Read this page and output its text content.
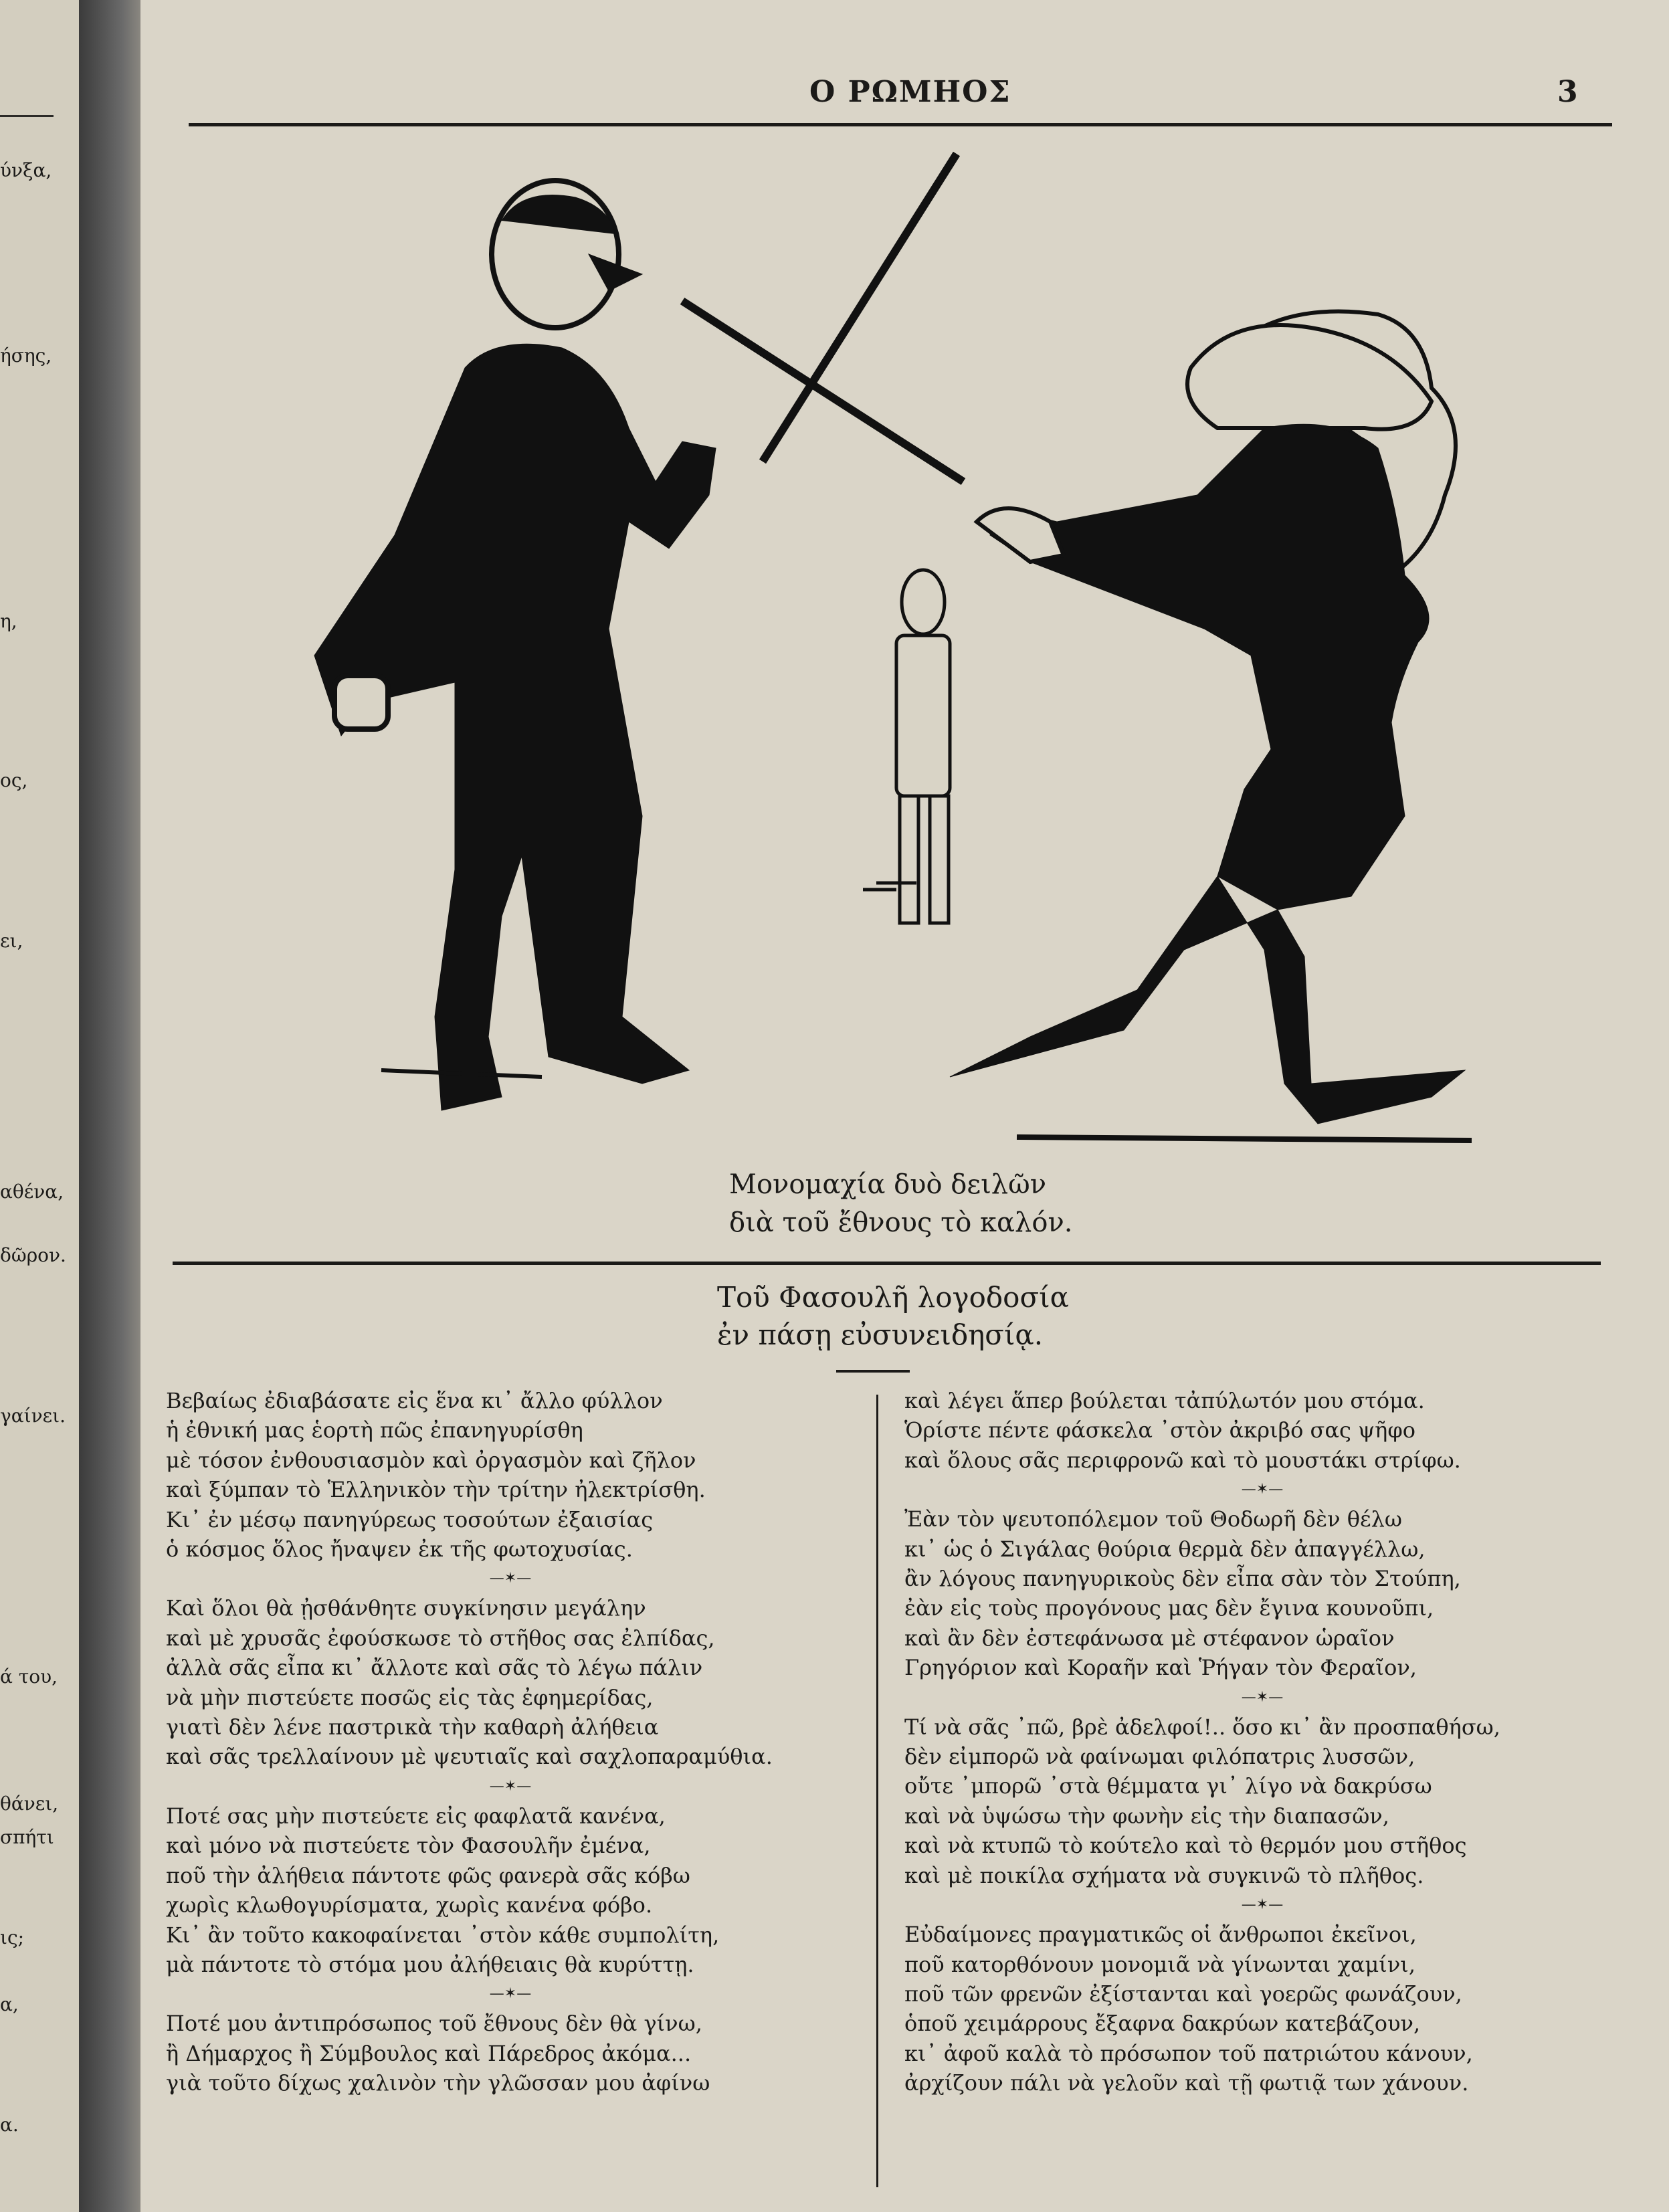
ύνξα,
ήσης,
η,
ος,
ει,
αθένα,
δῶρον.
γαίνει.
ά του,
θάνει,
σπήτι
ις;
α,
α.
Ο ΡΩΜΗΟΣ	3
Μονομαχία δυὸ δειλῶν
διὰ τοῦ ἔθνους τὸ καλόν.
Τοῦ Φασουλῆ λογοδοσία
ἐν πάσῃ εὐσυνειδησίᾳ.

Βεβαίως ἐδιαβάσατε εἰς ἕνα κι᾽ ἄλλο φύλλον

ἡ ἐθνική μας ἑορτὴ πῶς ἐπανηγυρίσθη

μὲ τόσον ἐνθουσιασμὸν καὶ ὀργασμὸν καὶ ζῆλον

καὶ ξύμπαν τὸ Ἑλληνικὸν τὴν τρίτην ἠλεκτρίσθη.

Κι᾽ ἐν μέσῳ πανηγύρεως τοσούτων ἐξαισίας

ὁ κόσμος ὅλος ἤναψεν ἐκ τῆς φωτοχυσίας.

—✶—

Καὶ ὅλοι θὰ ᾐσθάνθητε συγκίνησιν μεγάλην

καὶ μὲ χρυσᾶς ἐφούσκωσε τὸ στῆθος σας ἐλπίδας,

ἀλλὰ σᾶς εἶπα κι᾽ ἄλλοτε καὶ σᾶς τὸ λέγω πάλιν

νὰ μὴν πιστεύετε ποσῶς εἰς τὰς ἐφημερίδας,

γιατὶ δὲν λένε παστρικὰ τὴν καθαρὴ ἀλήθεια

καὶ σᾶς τρελλαίνουν μὲ ψευτιαῖς καὶ σαχλοπαραμύθια.

—✶—

Ποτέ σας μὴν πιστεύετε εἰς φαφλατᾶ κανένα,

καὶ μόνο νὰ πιστεύετε τὸν Φασουλῆν ἐμένα,

ποῦ τὴν ἀλήθεια πάντοτε φῶς φανερὰ σᾶς κόβω

χωρὶς κλωθογυρίσματα, χωρὶς κανένα φόβο.

Κι᾽ ἂν τοῦτο κακοφαίνεται ᾽στὸν κάθε συμπολίτη,

μὰ πάντοτε τὸ στόμα μου ἀλήθειαις θὰ κυρύττῃ.

—✶—

Ποτέ μου ἀντιπρόσωπος τοῦ ἔθνους δὲν θὰ γίνω,

ἢ Δήμαρχος ἢ Σύμβουλος καὶ Πάρεδρος ἀκόμα...

γιὰ τοῦτο δίχως χαλινὸν τὴν γλῶσσαν μου ἀφίνω

καὶ λέγει ἅπερ βούλεται τἀπύλωτόν μου στόμα.

Ὁρίστε πέντε φάσκελα ᾽στὸν ἀκριβό σας ψῆφο

καὶ ὅλους σᾶς περιφρονῶ καὶ τὸ μουστάκι στρίφω.

—✶—

Ἐὰν τὸν ψευτοπόλεμον τοῦ Θοδωρῆ δὲν θέλω

κι᾽ ὡς ὁ Σιγάλας θούρια θερμὰ δὲν ἀπαγγέλλω,

ἂν λόγους πανηγυρικοὺς δὲν εἶπα σὰν τὸν Στούπη,

ἐὰν εἰς τοὺς προγόνους μας δὲν ἔγινα κουνοῦπι,

καὶ ἂν δὲν ἐστεφάνωσα μὲ στέφανον ὡραῖον

Γρηγόριον καὶ Κοραῆν καὶ Ῥήγαν τὸν Φεραῖον,

—✶—

Τί νὰ σᾶς ᾽πῶ, βρὲ ἀδελφοί!.. ὅσο κι᾽ ἂν προσπαθήσω,

δὲν εἰμπορῶ νὰ φαίνωμαι φιλόπατρις λυσσῶν,

οὔτε ᾽μπορῶ ᾽στὰ θέμματα γι᾽ λίγο νὰ δακρύσω

καὶ νὰ ὑψώσω τὴν φωνὴν εἰς τὴν διαπασῶν,

καὶ νὰ κτυπῶ τὸ κούτελο καὶ τὸ θερμόν μου στῆθος

καὶ μὲ ποικίλα σχήματα νὰ συγκινῶ τὸ πλῆθος.

—✶—

Εὐδαίμονες πραγματικῶς οἱ ἄνθρωποι ἐκεῖνοι,

ποῦ κατορθόνουν μονομιᾶ νὰ γίνωνται χαμίνι,

ποῦ τῶν φρενῶν ἐξίστανται καὶ γοερῶς φωνάζουν,

ὁποῦ χειμάρρους ἔξαφνα δακρύων κατεβάζουν,

κι᾽ ἀφοῦ καλὰ τὸ πρόσωπον τοῦ πατριώτου κάνουν,

ἀρχίζουν πάλι νὰ γελοῦν καὶ τῇ φωτιᾷ των χάνουν.
